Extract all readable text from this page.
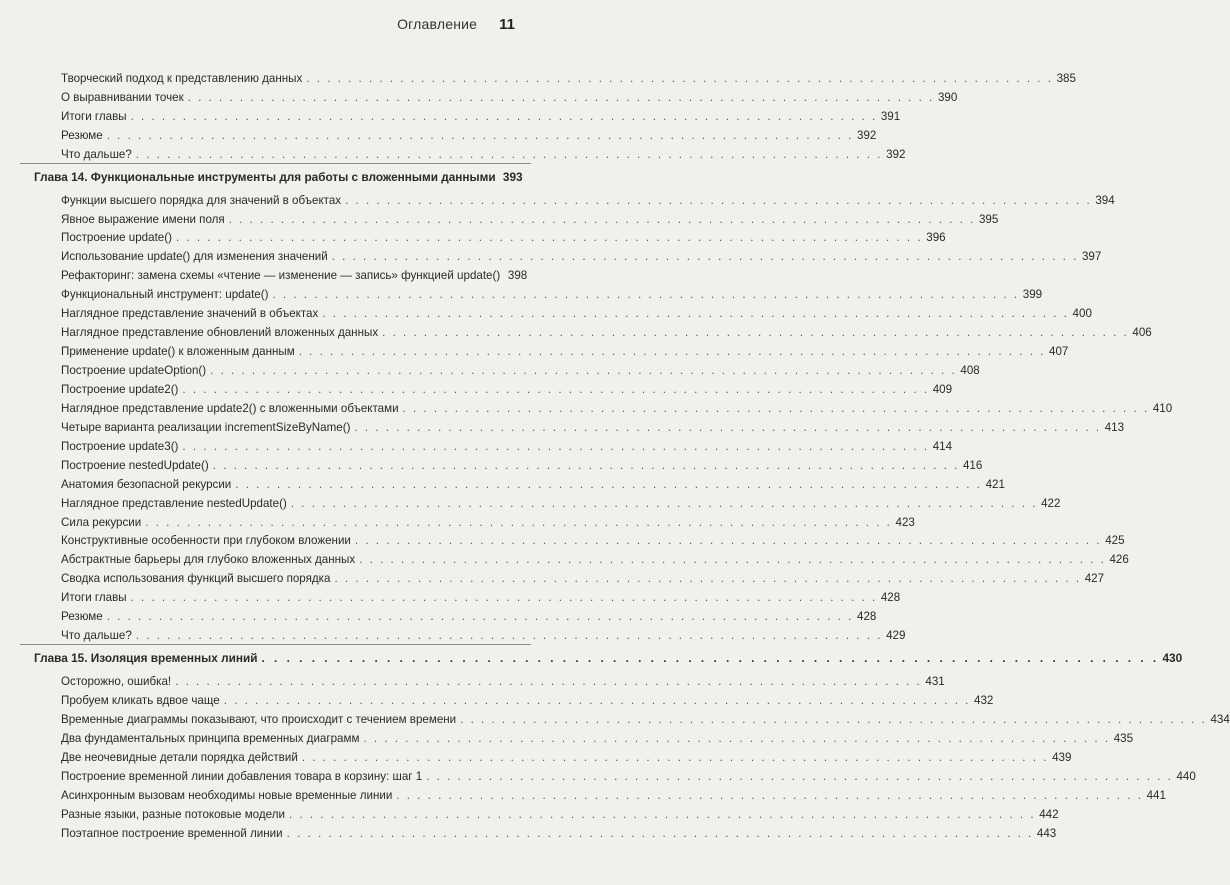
Оглавление 11
Творческий подход к представлению данных . . . . . . . . . . . . . . . . . . . . . . . . . . . . . . . . . . . . . . . . . . . . . . . . . . . . . . . . . . . . . . . . . . . . . . . . 385
О выравнивании точек . . . . . . . . . . . . . . . . . . . . . . . . . . . . . . . . . . . . . . . . . . . . . . . . . . . . . . . . . . . . . . . . . . . . . . . . 390
Итоги главы . . . . . . . . . . . . . . . . . . . . . . . . . . . . . . . . . . . . . . . . . . . . . . . . . . . . . . . . . . . . . . . . . . . . . . . . 391
Резюме . . . . . . . . . . . . . . . . . . . . . . . . . . . . . . . . . . . . . . . . . . . . . . . . . . . . . . . . . . . . . . . . . . . . . . . . 392
Что дальше? . . . . . . . . . . . . . . . . . . . . . . . . . . . . . . . . . . . . . . . . . . . . . . . . . . . . . . . . . . . . . . . . . . . . . . . . 392
Глава 14. Функциональные инструменты для работы с вложенными данными 393
Функции высшего порядка для значений в объектах . . . . . . . . . . . . . . . . . . . . . . . . . . . . . . . . . . . . . . . . . . . . . . . . . . . . . . . . . . . . . . . . . . . . . . . . 394
Явное выражение имени поля . . . . . . . . . . . . . . . . . . . . . . . . . . . . . . . . . . . . . . . . . . . . . . . . . . . . . . . . . . . . . . . . . . . . . . . . 395
Построение update() . . . . . . . . . . . . . . . . . . . . . . . . . . . . . . . . . . . . . . . . . . . . . . . . . . . . . . . . . . . . . . . . . . . . . . . . 396
Использование update() для изменения значений . . . . . . . . . . . . . . . . . . . . . . . . . . . . . . . . . . . . . . . . . . . . . . . . . . . . . . . . . . . . . . . . . . . . . . . . 397
Рефакторинг: замена схемы «чтение — изменение — запись» функцией update() 398
Функциональный инструмент: update() . . . . . . . . . . . . . . . . . . . . . . . . . . . . . . . . . . . . . . . . . . . . . . . . . . . . . . . . . . . . . . . . . . . . . . . . 399
Наглядное представление значений в объектах . . . . . . . . . . . . . . . . . . . . . . . . . . . . . . . . . . . . . . . . . . . . . . . . . . . . . . . . . . . . . . . . . . . . . . . . 400
Наглядное представление обновлений вложенных данных . . . . . . . . . . . . . . . . . . . . . . . . . . . . . . . . . . . . . . . . . . . . . . . . . . . . . . . . . . . . . . . . . . . . . . . . 406
Применение update() к вложенным данным . . . . . . . . . . . . . . . . . . . . . . . . . . . . . . . . . . . . . . . . . . . . . . . . . . . . . . . . . . . . . . . . . . . . . . . . 407
Построение updateOption() . . . . . . . . . . . . . . . . . . . . . . . . . . . . . . . . . . . . . . . . . . . . . . . . . . . . . . . . . . . . . . . . . . . . . . . . 408
Построение update2() . . . . . . . . . . . . . . . . . . . . . . . . . . . . . . . . . . . . . . . . . . . . . . . . . . . . . . . . . . . . . . . . . . . . . . . . 409
Наглядное представление update2() с вложенными объектами . . . . . . . . . . . . . . . . . . . . . . . . . . . . . . . . . . . . . . . . . . . . . . . . . . . . . . . . . . . . . . . . . . . . . . . . 410
Четыре варианта реализации incrementSizeByName() . . . . . . . . . . . . . . . . . . . . . . . . . . . . . . . . . . . . . . . . . . . . . . . . . . . . . . . . . . . . . . . . . . . . . . . . 413
Построение update3() . . . . . . . . . . . . . . . . . . . . . . . . . . . . . . . . . . . . . . . . . . . . . . . . . . . . . . . . . . . . . . . . . . . . . . . . 414
Построение nestedUpdate() . . . . . . . . . . . . . . . . . . . . . . . . . . . . . . . . . . . . . . . . . . . . . . . . . . . . . . . . . . . . . . . . . . . . . . . . 416
Анатомия безопасной рекурсии . . . . . . . . . . . . . . . . . . . . . . . . . . . . . . . . . . . . . . . . . . . . . . . . . . . . . . . . . . . . . . . . . . . . . . . . 421
Наглядное представление nestedUpdate() . . . . . . . . . . . . . . . . . . . . . . . . . . . . . . . . . . . . . . . . . . . . . . . . . . . . . . . . . . . . . . . . . . . . . . . . 422
Сила рекурсии . . . . . . . . . . . . . . . . . . . . . . . . . . . . . . . . . . . . . . . . . . . . . . . . . . . . . . . . . . . . . . . . . . . . . . . . 423
Конструктивные особенности при глубоком вложении . . . . . . . . . . . . . . . . . . . . . . . . . . . . . . . . . . . . . . . . . . . . . . . . . . . . . . . . . . . . . . . . . . . . . . . . 425
Абстрактные барьеры для глубоко вложенных данных . . . . . . . . . . . . . . . . . . . . . . . . . . . . . . . . . . . . . . . . . . . . . . . . . . . . . . . . . . . . . . . . . . . . . . . . 426
Сводка использования функций высшего порядка . . . . . . . . . . . . . . . . . . . . . . . . . . . . . . . . . . . . . . . . . . . . . . . . . . . . . . . . . . . . . . . . . . . . . . . . 427
Итоги главы . . . . . . . . . . . . . . . . . . . . . . . . . . . . . . . . . . . . . . . . . . . . . . . . . . . . . . . . . . . . . . . . . . . . . . . . 428
Резюме . . . . . . . . . . . . . . . . . . . . . . . . . . . . . . . . . . . . . . . . . . . . . . . . . . . . . . . . . . . . . . . . . . . . . . . . 428
Что дальше? . . . . . . . . . . . . . . . . . . . . . . . . . . . . . . . . . . . . . . . . . . . . . . . . . . . . . . . . . . . . . . . . . . . . . . . . 429
Глава 15. Изоляция временных линий . . . . . . . . . . . . . . . . . . . . . . . . . . . . . . . . . . . . . . . . . . . . . . . . . . . . . . . . . . . . . . . . . . . . . . . . 430
Осторожно, ошибка! . . . . . . . . . . . . . . . . . . . . . . . . . . . . . . . . . . . . . . . . . . . . . . . . . . . . . . . . . . . . . . . . . . . . . . . . 431
Пробуем кликать вдвое чаще . . . . . . . . . . . . . . . . . . . . . . . . . . . . . . . . . . . . . . . . . . . . . . . . . . . . . . . . . . . . . . . . . . . . . . . . 432
Временные диаграммы показывают, что происходит с течением времени . . . . . . . . . . . . . . . . . . . . . . . . . . . . . . . . . . . . . . . . . . . . . . . . . . . . . . . . . . . . . . . . . . . . . . . . 434
Два фундаментальных принципа временных диаграмм . . . . . . . . . . . . . . . . . . . . . . . . . . . . . . . . . . . . . . . . . . . . . . . . . . . . . . . . . . . . . . . . . . . . . . . . 435
Две неочевидные детали порядка действий . . . . . . . . . . . . . . . . . . . . . . . . . . . . . . . . . . . . . . . . . . . . . . . . . . . . . . . . . . . . . . . . . . . . . . . . 439
Построение временной линии добавления товара в корзину: шаг 1 . . . . . . . . . . . . . . . . . . . . . . . . . . . . . . . . . . . . . . . . . . . . . . . . . . . . . . . . . . . . . . . . . . . . . . . . 440
Асинхронным вызовам необходимы новые временные линии . . . . . . . . . . . . . . . . . . . . . . . . . . . . . . . . . . . . . . . . . . . . . . . . . . . . . . . . . . . . . . . . . . . . . . . . 441
Разные языки, разные потоковые модели . . . . . . . . . . . . . . . . . . . . . . . . . . . . . . . . . . . . . . . . . . . . . . . . . . . . . . . . . . . . . . . . . . . . . . . . 442
Поэтапное построение временной линии . . . . . . . . . . . . . . . . . . . . . . . . . . . . . . . . . . . . . . . . . . . . . . . . . . . . . . . . . . . . . . . . . . . . . . . . 443
